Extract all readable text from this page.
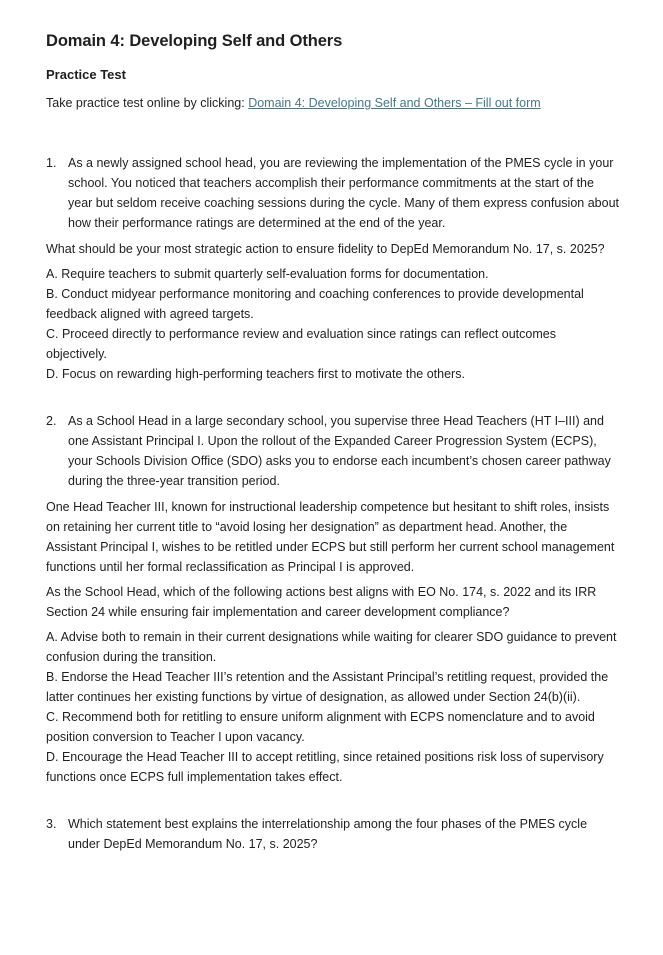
Domain 4: Developing Self and Others
Practice Test

Take practice test online by clicking: Domain 4: Developing Self and Others – Fill out form

1. As a newly assigned school head, you are reviewing the implementation of the PMES cycle in your school. You noticed that teachers accomplish their performance commitments at the start of the year but seldom receive coaching sessions during the cycle. Many of them express confusion about how their performance ratings are determined at the end of the year.

What should be your most strategic action to ensure fidelity to DepEd Memorandum No. 17, s. 2025?

A. Require teachers to submit quarterly self-evaluation forms for documentation.
B. Conduct midyear performance monitoring and coaching conferences to provide developmental feedback aligned with agreed targets.
C. Proceed directly to performance review and evaluation since ratings can reflect outcomes objectively.
D. Focus on rewarding high-performing teachers first to motivate the others.
2. As a School Head in a large secondary school, you supervise three Head Teachers (HT I–III) and one Assistant Principal I. Upon the rollout of the Expanded Career Progression System (ECPS), your Schools Division Office (SDO) asks you to endorse each incumbent’s chosen career pathway during the three-year transition period.

One Head Teacher III, known for instructional leadership competence but hesitant to shift roles, insists on retaining her current title to “avoid losing her designation” as department head. Another, the Assistant Principal I, wishes to be retitled under ECPS but still perform her current school management functions until her formal reclassification as Principal I is approved.

As the School Head, which of the following actions best aligns with EO No. 174, s. 2022 and its IRR Section 24 while ensuring fair implementation and career development compliance?

A. Advise both to remain in their current designations while waiting for clearer SDO guidance to prevent confusion during the transition.
B. Endorse the Head Teacher III’s retention and the Assistant Principal’s retitling request, provided the latter continues her existing functions by virtue of designation, as allowed under Section 24(b)(ii).
C. Recommend both for retitling to ensure uniform alignment with ECPS nomenclature and to avoid position conversion to Teacher I upon vacancy.
D. Encourage the Head Teacher III to accept retitling, since retained positions risk loss of supervisory functions once ECPS full implementation takes effect.
3. Which statement best explains the interrelationship among the four phases of the PMES cycle under DepEd Memorandum No. 17, s. 2025?
